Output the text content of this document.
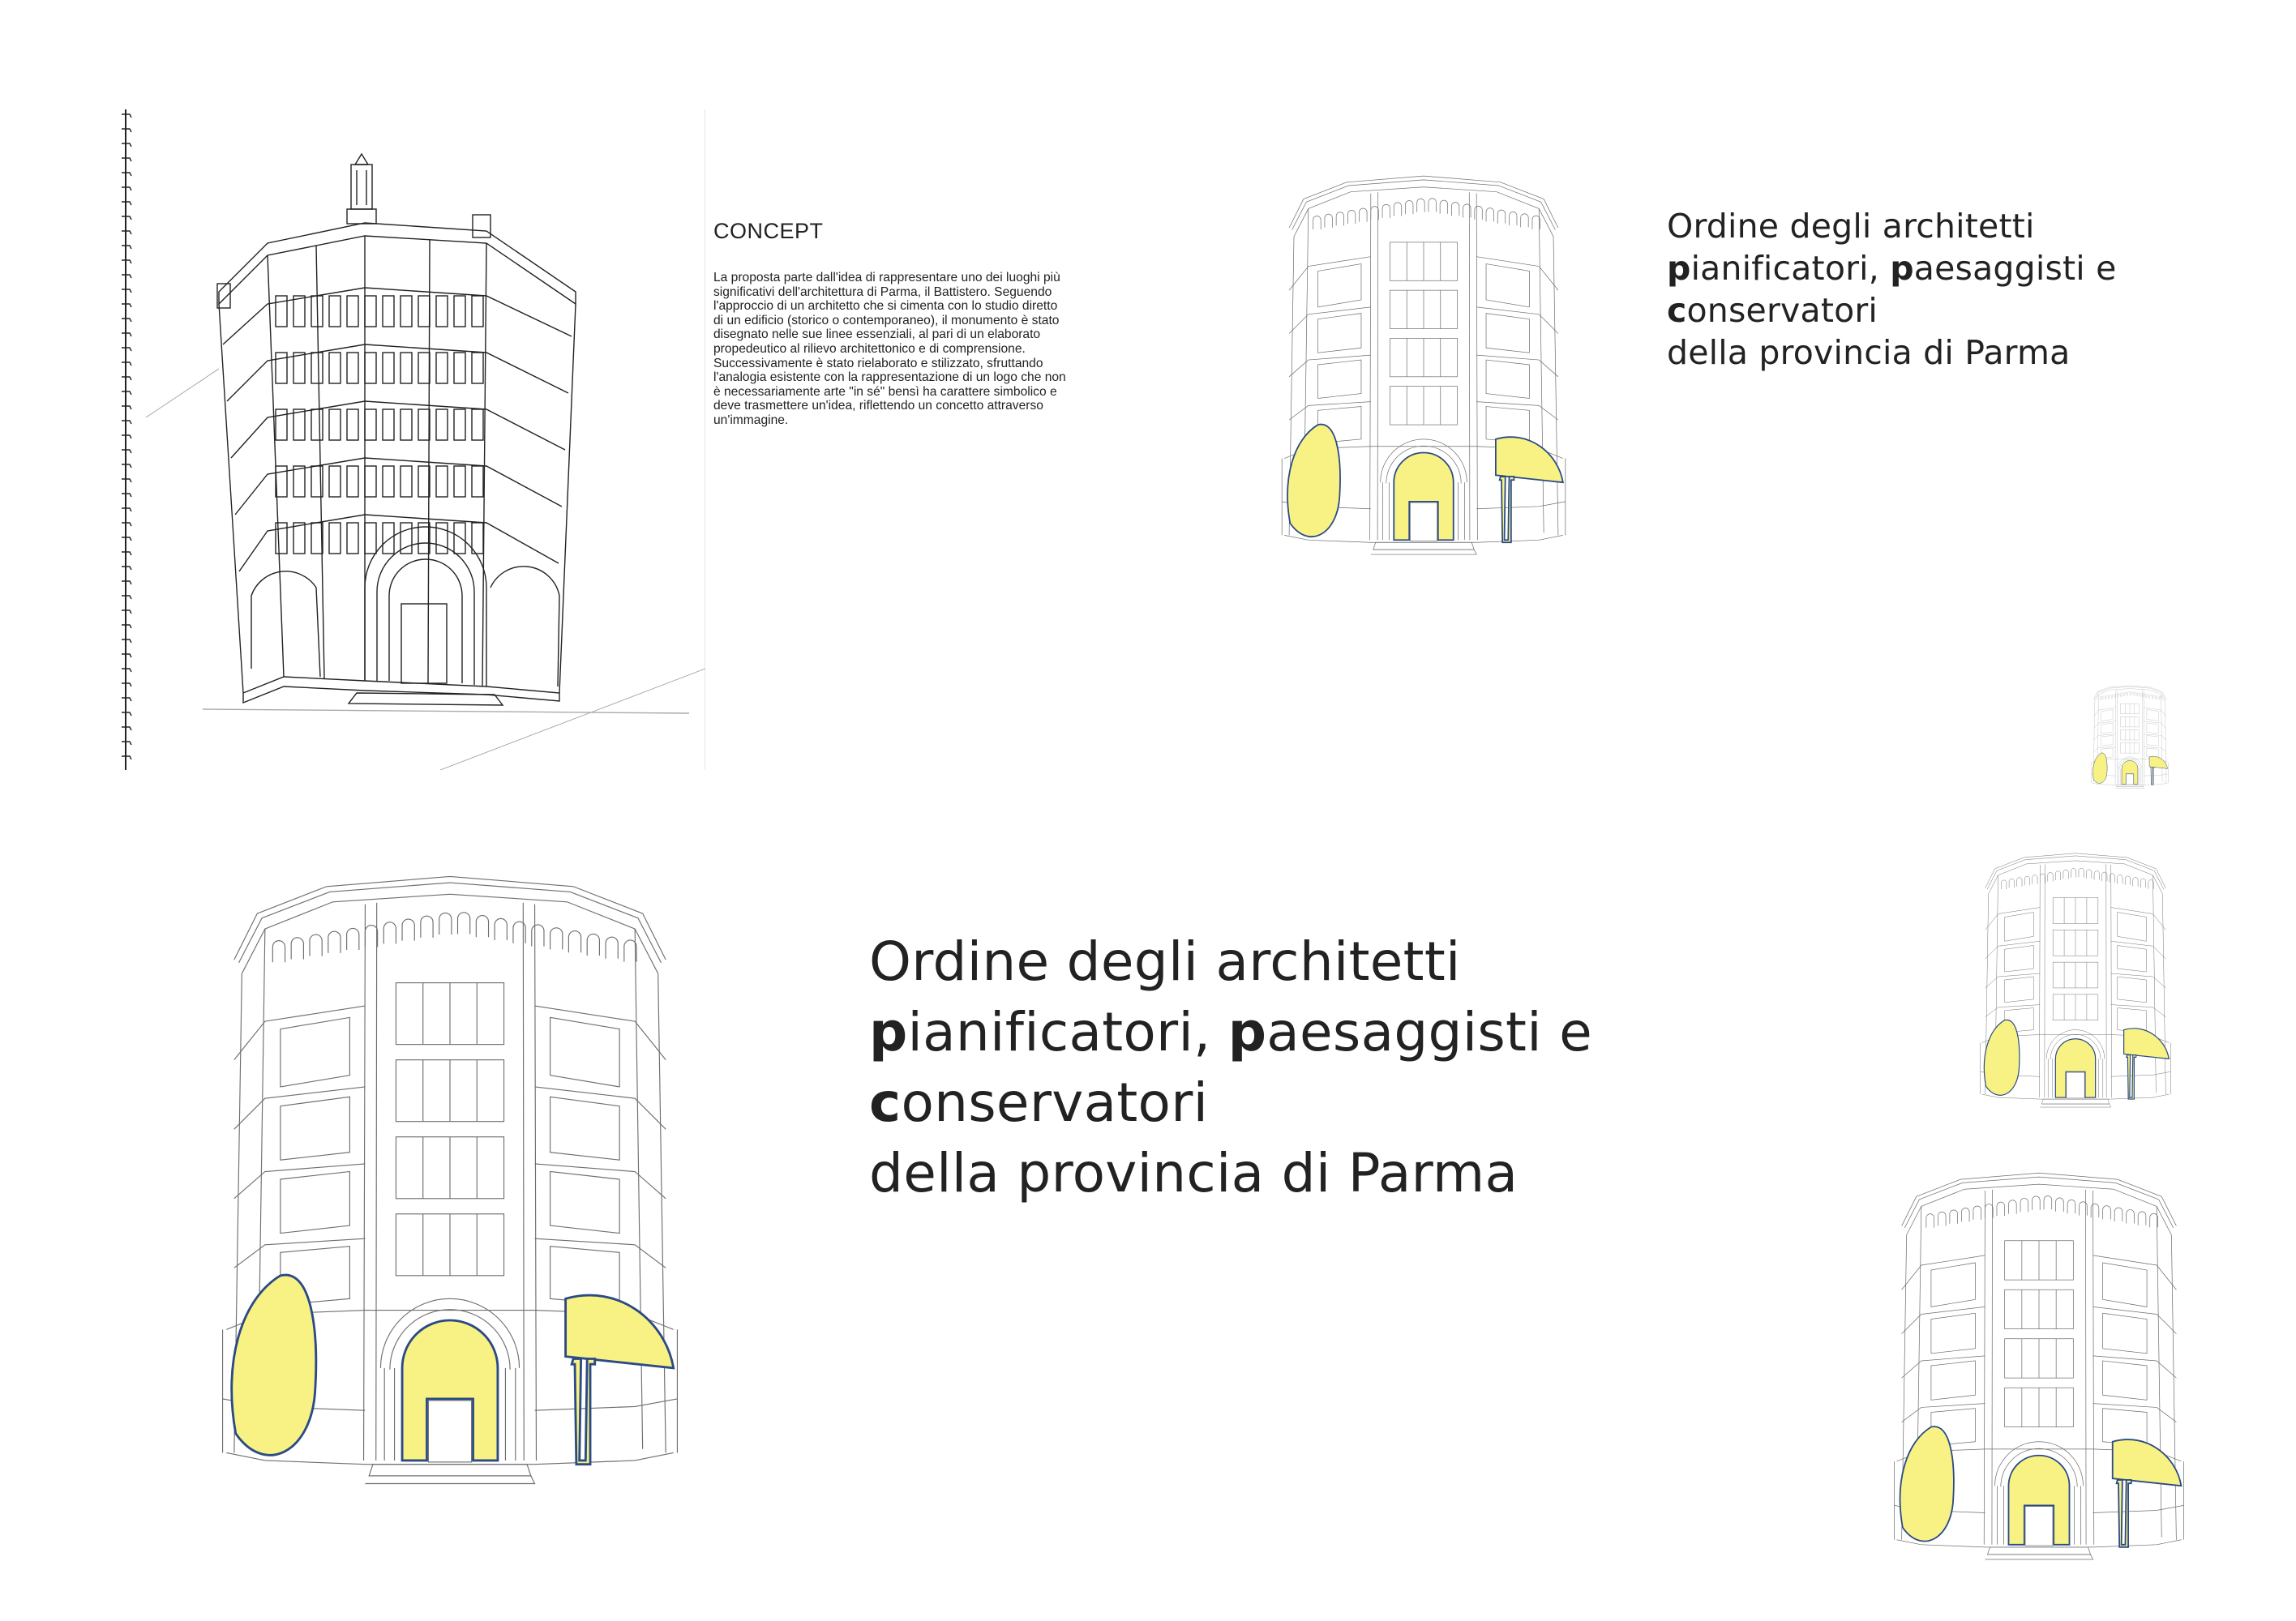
CONCEPT

La proposta parte dall'idea di rappresentare uno dei luoghi più significativi dell'architettura di Parma, il Battistero. Seguendo l'approccio di un architetto che si cimenta con lo studio diretto di un edificio (storico o contemporaneo), il monumento è stato disegnato nelle sue linee essenziali, al pari di un elaborato propedeutico al rilievo architettonico e di comprensione.

Successivamente è stato rielaborato e stilizzato, sfruttando l'analogia esistente con la rappresentazione di un logo che non è necessariamente arte "in sé" bensì ha carattere simbolico e deve trasmettere un'idea, riflettendo un concetto attraverso un'immagine.

Ordine degli architetti
pianificatori, paesaggisti e
conservatori
della provincia di Parma
Ordine degli architetti
pianificatori, paesaggisti e
conservatori
della provincia di Parma
